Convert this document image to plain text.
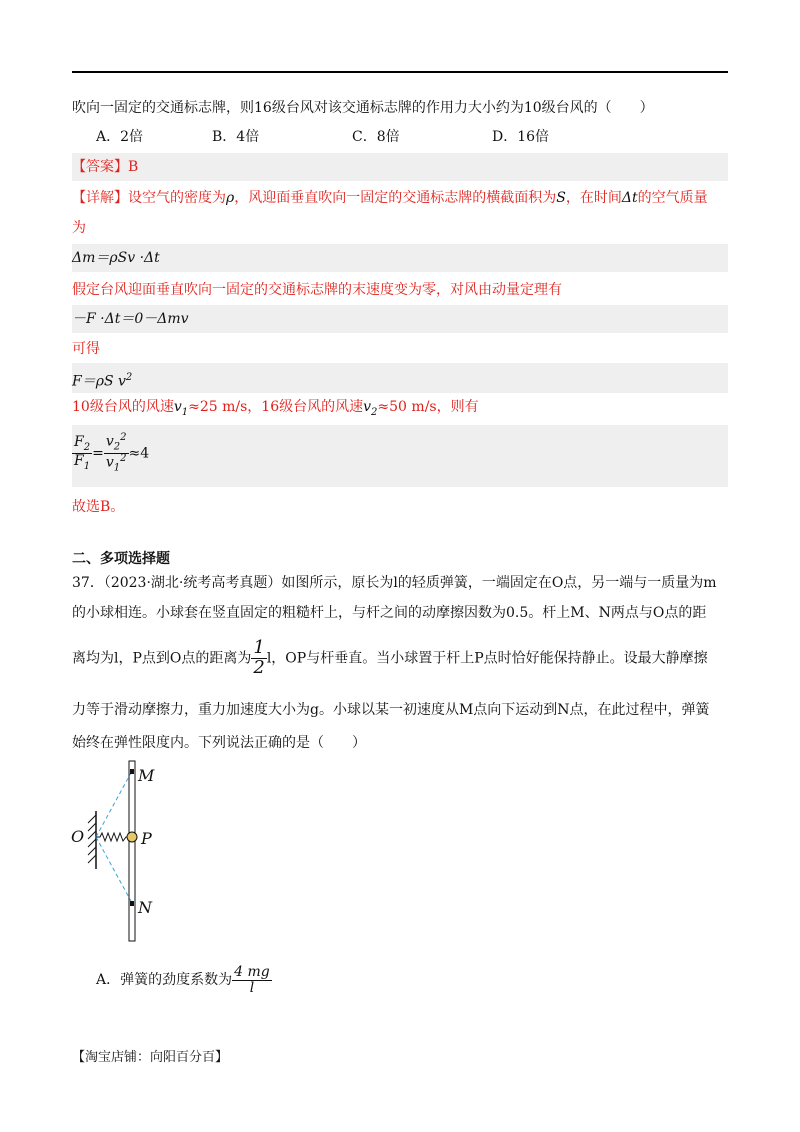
吹向一固定的交通标志牌，则16级台风对该交通标志牌的作用力大小约为10级台风的（　　）
A．2倍	B．4倍	C．8倍	D．16倍
【答案】B
【详解】设空气的密度为ρ，风迎面垂直吹向一固定的交通标志牌的横截面积为S，在时间Δt的空气质量
为
Δm＝ρSv ·Δt
假定台风迎面垂直吹向一固定的交通标志牌的末速度变为零，对风由动量定理有
－F ·Δt＝0－Δmv
可得
F＝ρS $v^2$
10级台风的风速$v_1\approx 25$ m/s，16级台风的风速$v_2\approx 50$ m/s，则有
$\frac{F_2}{F_1} = \frac{v_2^2}{v_1^2} \approx 4$
故选B。
二、多项选择题
37．（2023·湖北·统考高考真题）如图所示，原长为l的轻质弹簧，一端固定在O点，另一端与一质量为m
的小球相连。小球套在竖直固定的粗糙杆上，与杆之间的动摩擦因数为0.5。杆上M、N两点与O点的距
离均为l，P点到O点的距离为 $\frac{1}{2}$ l，OP与杆垂直。当小球置于杆上P点时恰好能保持静止。设最大静摩擦
力等于滑动摩擦力，重力加速度大小为g。小球以某一初速度从M点向下运动到N点，在此过程中，弹簧
始终在弹性限度内。下列说法正确的是（　　）
M
P
N
O
A．弹簧的劲度系数为 $\frac{4 mg}{l}$
【淘宝店铺：向阳百分百】
